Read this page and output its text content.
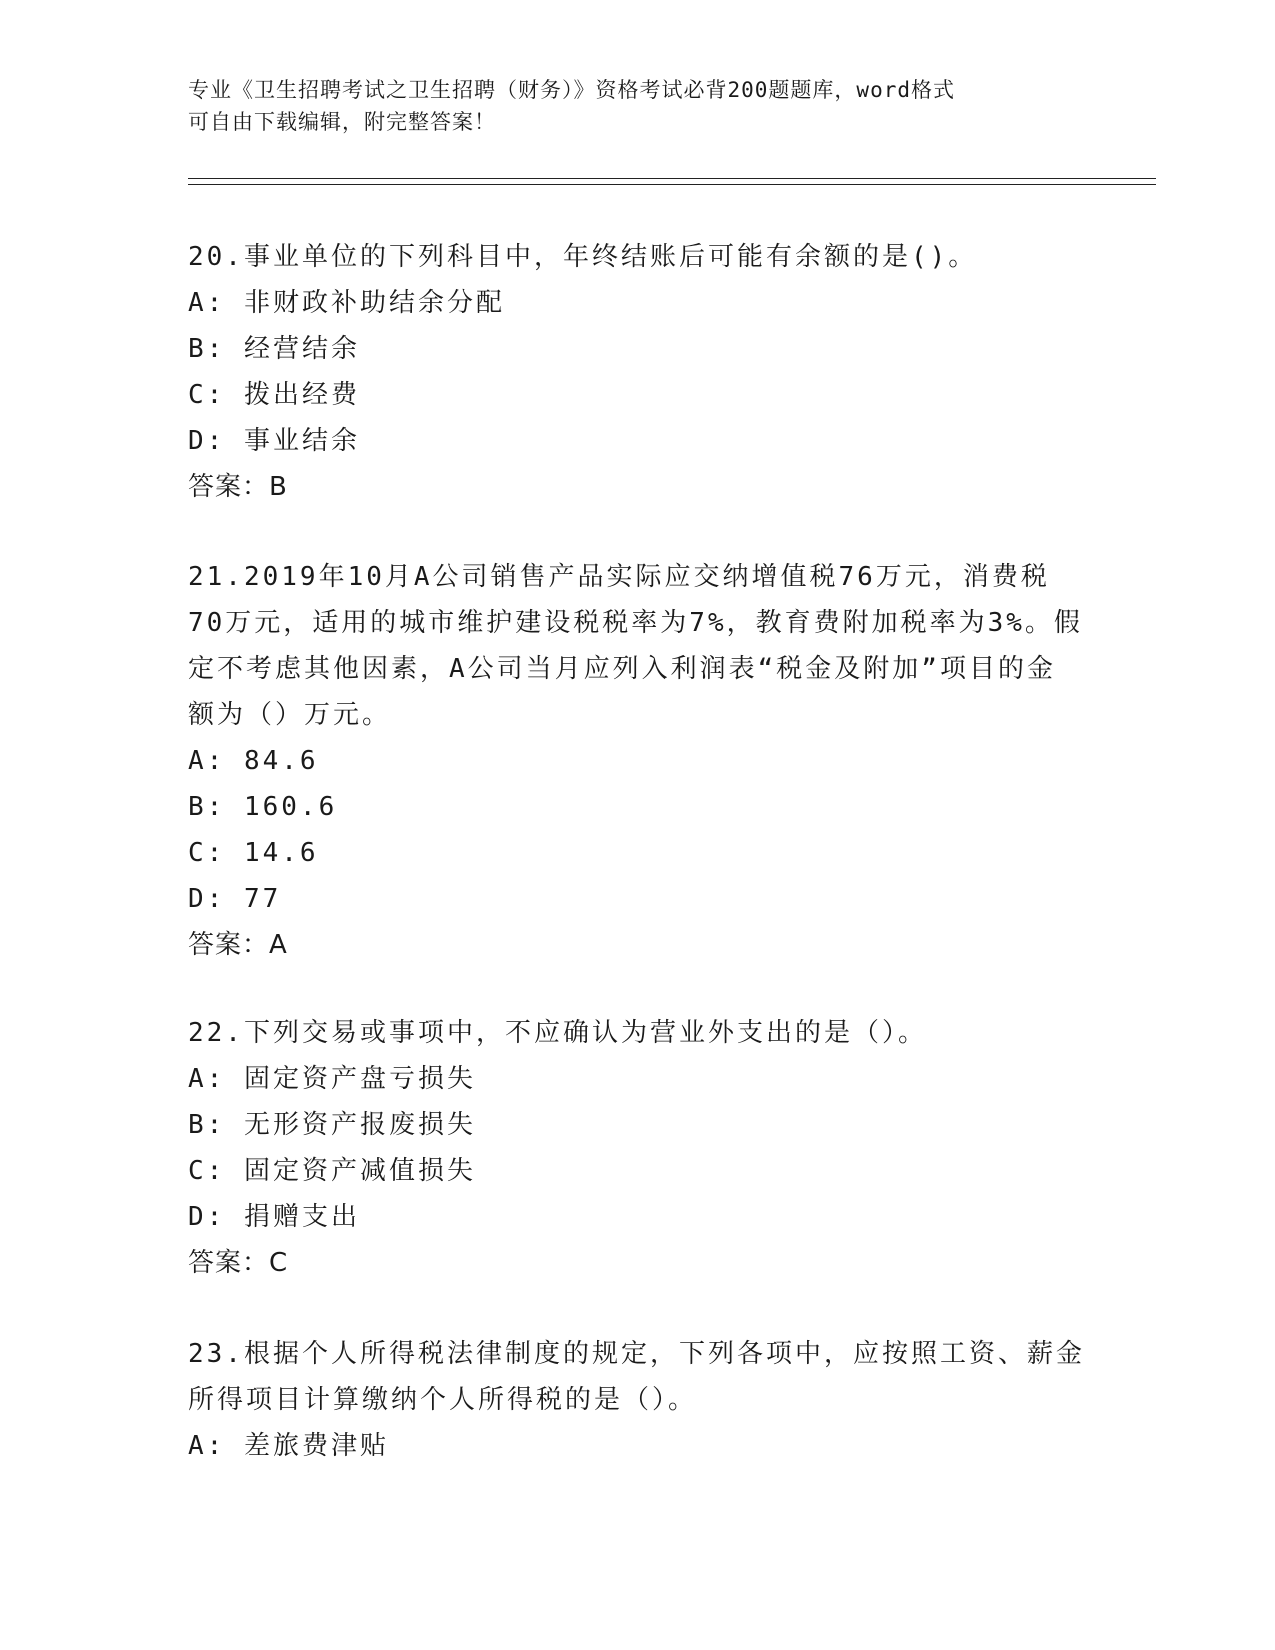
专业《卫生招聘考试之卫生招聘（财务）》资格考试必背200题题库，word格式
可自由下载编辑，附完整答案！
20.事业单位的下列科目中，年终结账后可能有余额的是()。
A: 非财政补助结余分配
B: 经营结余
C: 拨出经费
D: 事业结余
答案：B
21.2019年10月A公司销售产品实际应交纳增值税76万元，消费税
70万元，适用的城市维护建设税税率为7%，教育费附加税率为3%。假
定不考虑其他因素，A公司当月应列入利润表“税金及附加”项目的金
额为（）万元。
A: 84.6
B: 160.6
C: 14.6
D: 77
答案：A
22.下列交易或事项中，不应确认为营业外支出的是（）。
A: 固定资产盘亏损失
B: 无形资产报废损失
C: 固定资产减值损失
D: 捐赠支出
答案：C
23.根据个人所得税法律制度的规定，下列各项中，应按照工资、薪金
所得项目计算缴纳个人所得税的是（）。
A: 差旅费津贴
